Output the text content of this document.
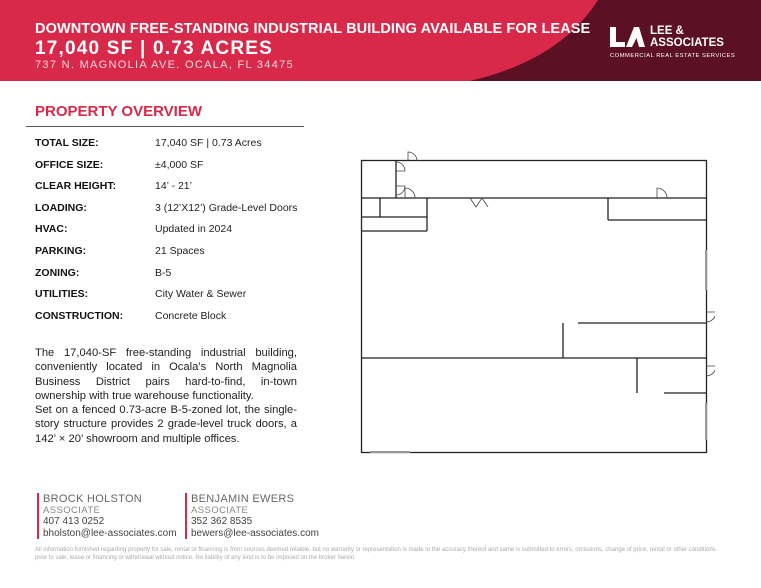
DOWNTOWN FREE-STANDING INDUSTRIAL BUILDING AVAILABLE FOR LEASE
17,040 SF | 0.73 ACRES
737 N. MAGNOLIA AVE. OCALA, FL 34475
LEE &
ASSOCIATES
COMMERCIAL REAL ESTATE SERVICES
PROPERTY OVERVIEW
TOTAL SIZE:	17,040 SF | 0.73 Acres
OFFICE SIZE:	±4,000 SF
CLEAR HEIGHT:	14’ - 21’
LOADING:	3 (12’X12’) Grade-Level Doors
HVAC:	Updated in 2024
PARKING:	21 Spaces
ZONING:	B-5
UTILITIES:	City Water & Sewer
CONSTRUCTION:	Concrete Block

The 17,040-SF free-standing industrial building, conveniently located in Ocala’s North Magnolia Business District pairs hard-to-find, in-town ownership with true warehouse functionality.

Set on a fenced 0.73-acre B-5-zoned lot, the single-story structure provides 2 grade-level truck doors, a 142’ × 20’ showroom and multiple offices.

BROCK HOLSTON
ASSOCIATE
407 413 0252
bholston@lee-associates.com
BENJAMIN EWERS
ASSOCIATE
352 362 8535
bewers@lee-associates.com
All information furnished regarding property for sale, rental or financing is from sources deemed reliable, but no warranty or representation is made to the accuracy thereof and same is submitted to errors, omissions, change of price, rental or other conditions prior to sale, lease or financing or withdrawal without notice. No liability of any kind is to be imposed on the broker herein.
